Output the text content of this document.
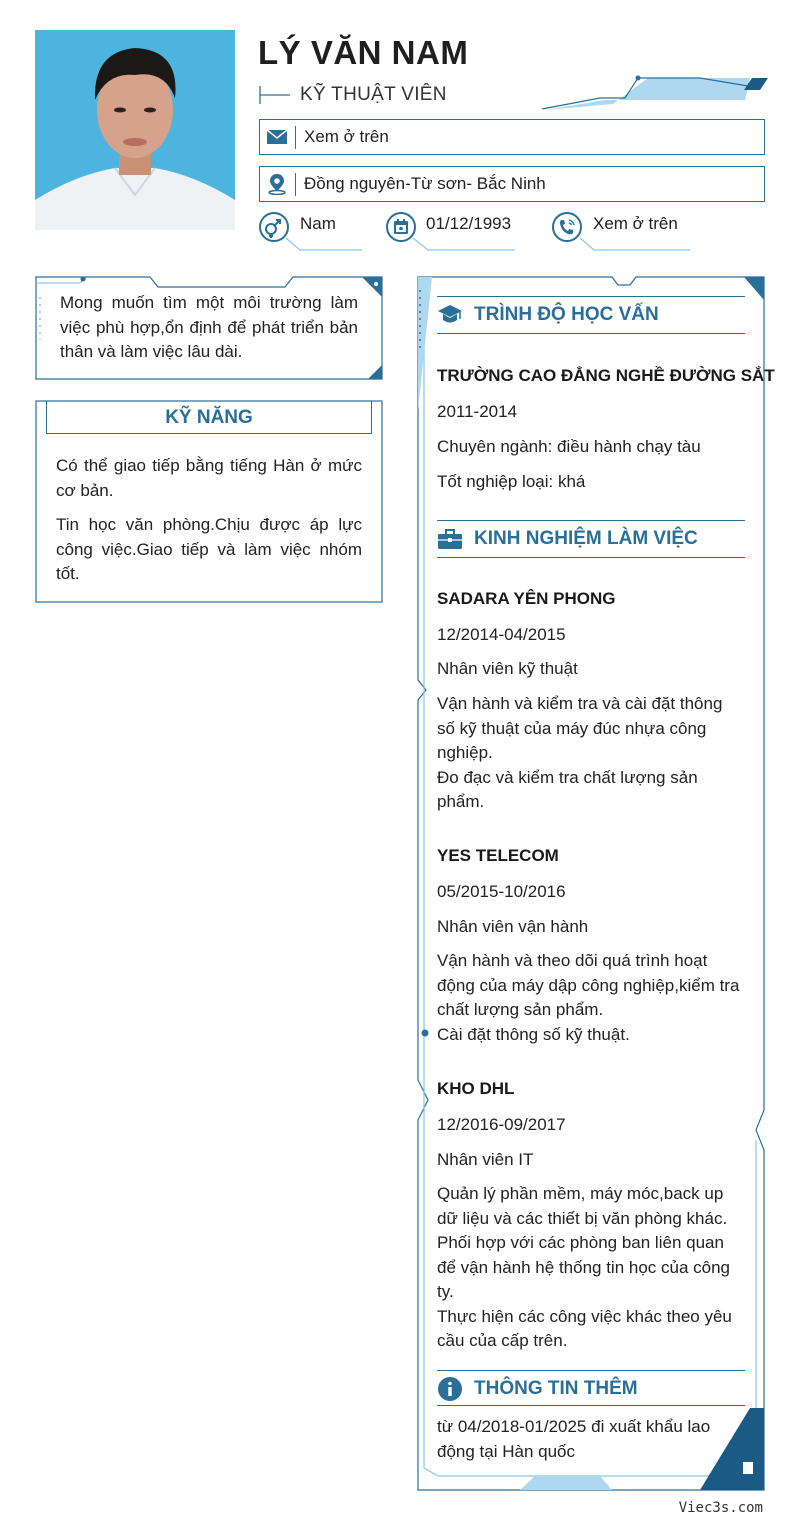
LÝ VĂN NAM
KỸ THUẬT VIÊN
Xem ở trên
Đồng nguyên-Từ sơn- Bắc Ninh
Nam	01/12/1993	Xem ở trên
Mong muốn tìm một môi trường làm việc phù hợp,ổn định để phát triển bản thân và làm việc lâu dài.
KỸ NĂNG
Có thể giao tiếp bằng tiếng Hàn ở mức cơ bản.
Tin học văn phòng.Chịu được áp lực công việc.Giao tiếp và làm việc nhóm tốt.
TRÌNH ĐỘ HỌC VẤN
TRƯỜNG CAO ĐẲNG NGHỀ ĐƯỜNG SẮT
2011-2014
Chuyên ngành: điều hành chạy tàu
Tốt nghiệp loại: khá
KINH NGHIỆM LÀM VIỆC
SADARA YÊN PHONG
12/2014-04/2015
Nhân viên kỹ thuật
Vận hành và kiểm tra và cài đặt thông
số kỹ thuật của máy đúc nhựa công
nghiệp.
Đo đạc và kiểm tra chất lượng sản
phẩm.
YES TELECOM
05/2015-10/2016
Nhân viên vận hành
Vận hành và theo dõi quá trình hoạt
động của máy dập công nghiệp,kiểm tra
chất lượng sản phẩm.
Cài đặt thông số kỹ thuật.
KHO DHL
12/2016-09/2017
Nhân viên IT
Quản lý phần mềm, máy móc,back up
dữ liệu và các thiết bị văn phòng khác.
Phối hợp với các phòng ban liên quan
để vận hành hệ thống tin học của công
ty.
Thực hiện các công việc khác theo yêu
cầu của cấp trên.
THÔNG TIN THÊM
từ 04/2018-01/2025 đi xuất khẩu lao
động tại Hàn quốc
Viec3s.com
